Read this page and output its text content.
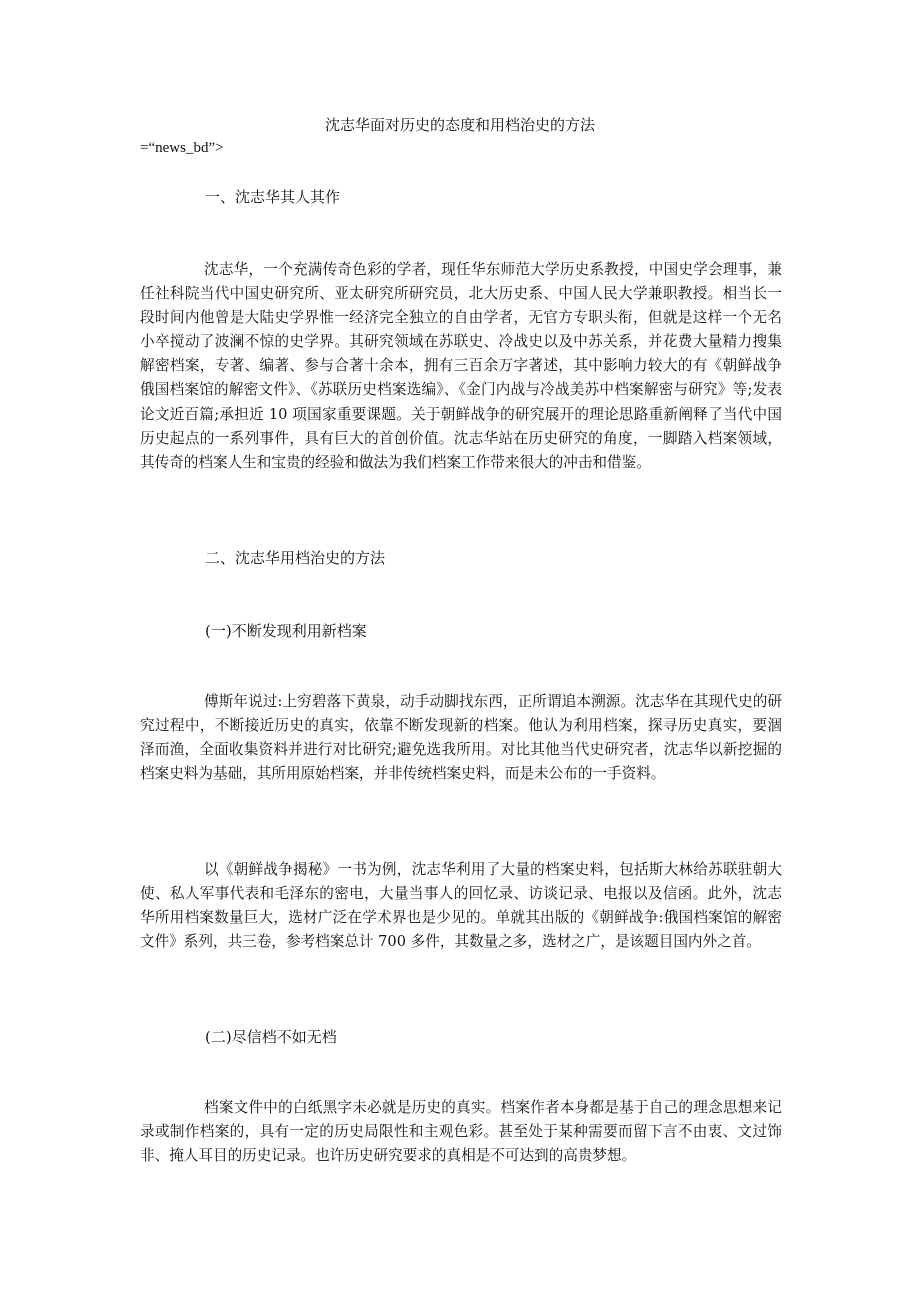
沈志华面对历史的态度和用档治史的方法
=“news_bd”>
一、沈志华其人其作

沈志华，一个充满传奇色彩的学者，现任华东师范大学历史系教授，中国史学会理事，兼任社科院当代中国史研究所、亚太研究所研究员，北大历史系、中国人民大学兼职教授。相当长一段时间内他曾是大陆史学界惟一经济完全独立的自由学者，无官方专职头衔，但就是这样一个无名小卒搅动了波澜不惊的史学界。其研究领域在苏联史、冷战史以及中苏关系，并花费大量精力搜集解密档案，专著、编著、参与合著十余本，拥有三百余万字著述，其中影响力较大的有《朝鲜战争俄国档案馆的解密文件》、《苏联历史档案选编》、《金门内战与冷战美苏中档案解密与研究》等;发表论文近百篇;承担近 10 项国家重要课题。关于朝鲜战争的研究展开的理论思路重新阐释了当代中国历史起点的一系列事件，具有巨大的首创价值。沈志华站在历史研究的角度，一脚踏入档案领域，其传奇的档案人生和宝贵的经验和做法为我们档案工作带来很大的冲击和借鉴。

二、沈志华用档治史的方法
(一)不断发现利用新档案

傅斯年说过:上穷碧落下黄泉，动手动脚找东西，正所谓追本溯源。沈志华在其现代史的研究过程中，不断接近历史的真实，依靠不断发现新的档案。他认为利用档案，探寻历史真实，要涸泽而渔，全面收集资料并进行对比研究;避免选我所用。对比其他当代史研究者，沈志华以新挖掘的档案史料为基础，其所用原始档案，并非传统档案史料，而是未公布的一手资料。

以《朝鲜战争揭秘》一书为例，沈志华利用了大量的档案史料，包括斯大林给苏联驻朝大使、私人军事代表和毛泽东的密电，大量当事人的回忆录、访谈记录、电报以及信函。此外，沈志华所用档案数量巨大，选材广泛在学术界也是少见的。单就其出版的《朝鲜战争:俄国档案馆的解密文件》系列，共三卷，参考档案总计 700 多件，其数量之多，选材之广，是该题目国内外之首。

(二)尽信档不如无档

档案文件中的白纸黑字未必就是历史的真实。档案作者本身都是基于自己的理念思想来记录或制作档案的，具有一定的历史局限性和主观色彩。甚至处于某种需要而留下言不由衷、文过饰非、掩人耳目的历史记录。也许历史研究要求的真相是不可达到的高贵梦想。
